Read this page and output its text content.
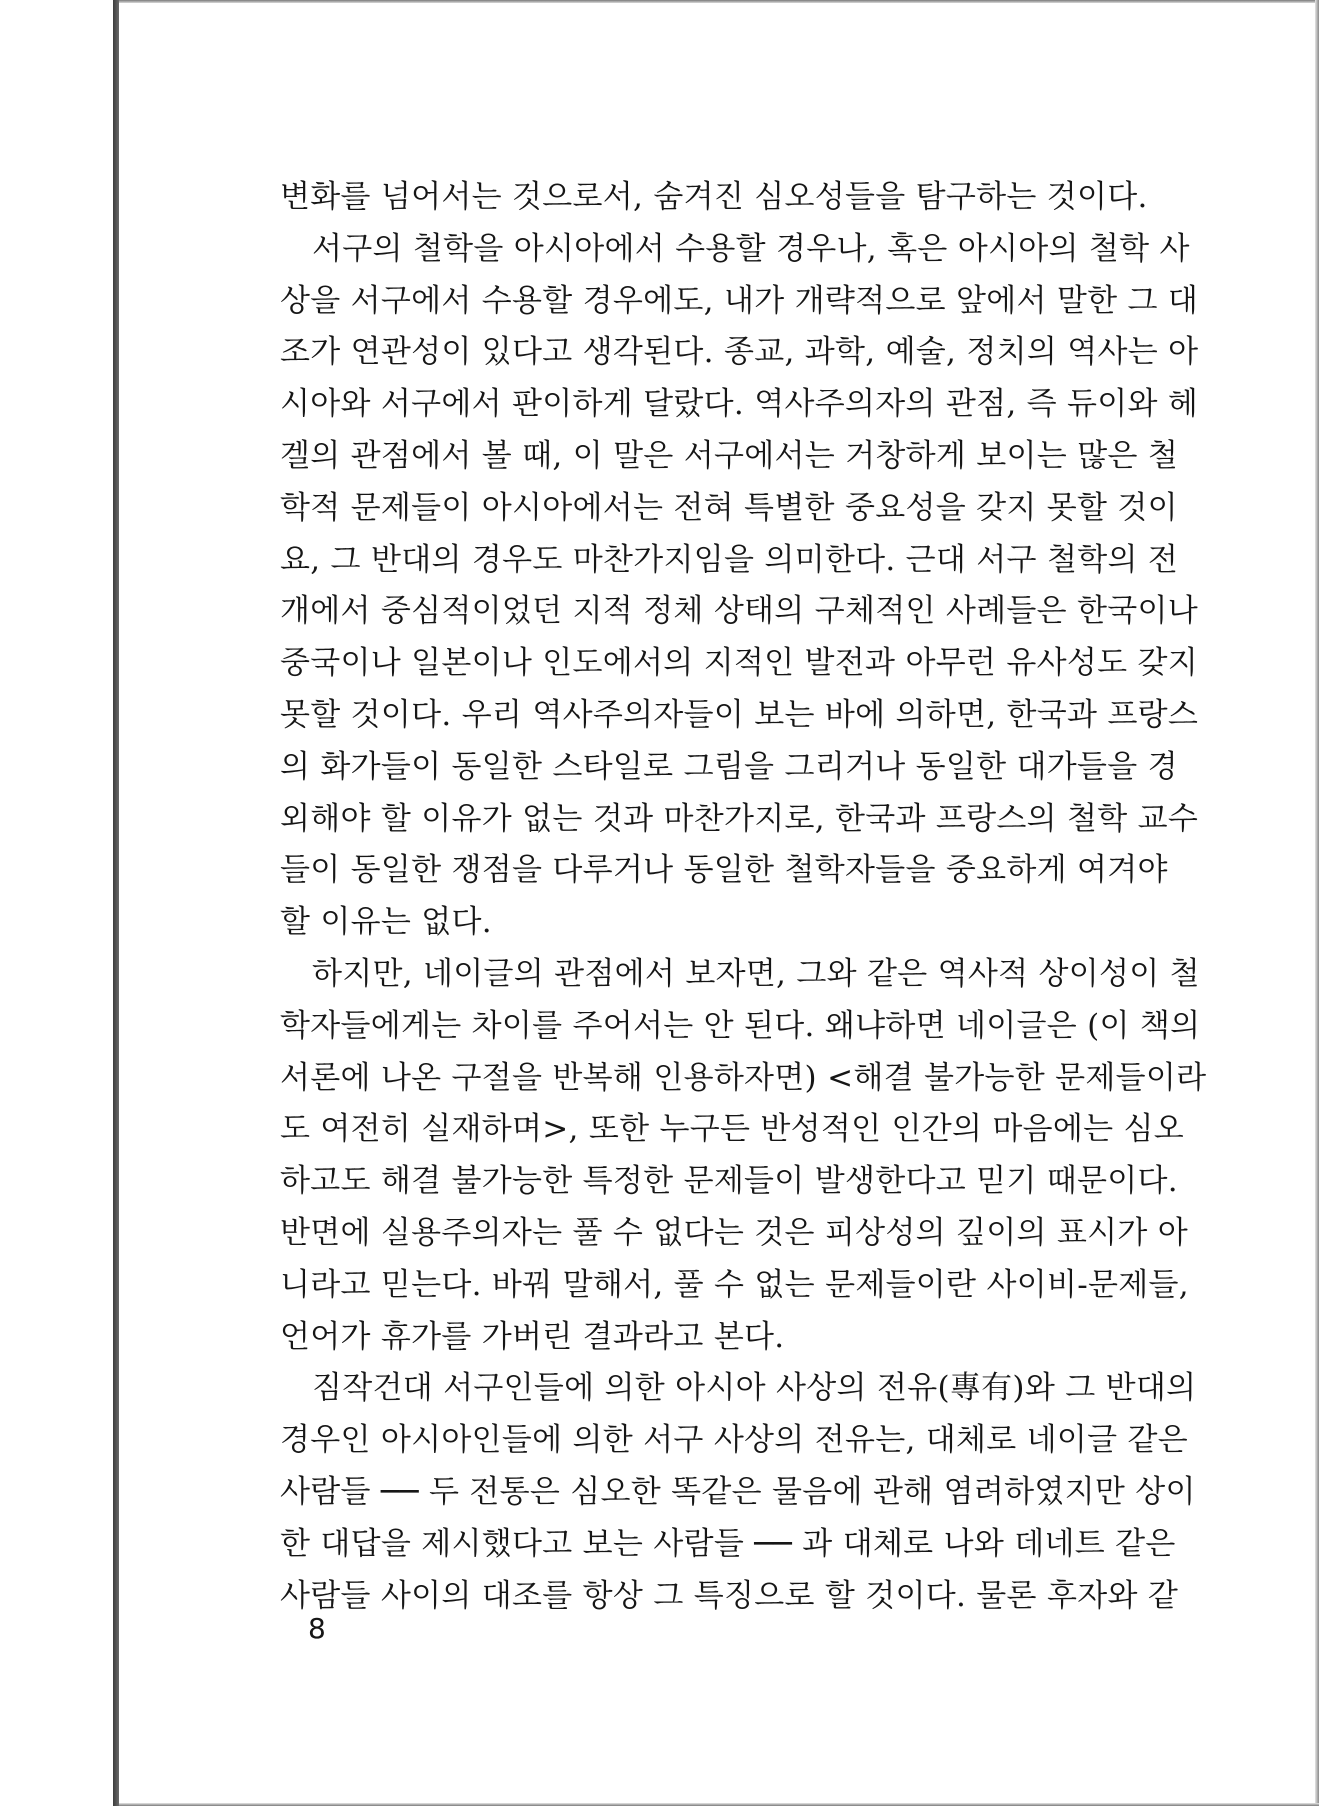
변화를 넘어서는 것으로서, 숨겨진 심오성들을 탐구하는 것이다.
서구의 철학을 아시아에서 수용할 경우나, 혹은 아시아의 철학 사
상을 서구에서 수용할 경우에도, 내가 개략적으로 앞에서 말한 그 대
조가 연관성이 있다고 생각된다. 종교, 과학, 예술, 정치의 역사는 아
시아와 서구에서 판이하게 달랐다. 역사주의자의 관점, 즉 듀이와 헤
겔의 관점에서 볼 때, 이 말은 서구에서는 거창하게 보이는 많은 철
학적 문제들이 아시아에서는 전혀 특별한 중요성을 갖지 못할 것이
요, 그 반대의 경우도 마찬가지임을 의미한다. 근대 서구 철학의 전
개에서 중심적이었던 지적 정체 상태의 구체적인 사례들은 한국이나
중국이나 일본이나 인도에서의 지적인 발전과 아무런 유사성도 갖지
못할 것이다. 우리 역사주의자들이 보는 바에 의하면, 한국과 프랑스
의 화가들이 동일한 스타일로 그림을 그리거나 동일한 대가들을 경
외해야 할 이유가 없는 것과 마찬가지로, 한국과 프랑스의 철학 교수
들이 동일한 쟁점을 다루거나 동일한 철학자들을 중요하게 여겨야
할 이유는 없다.
하지만, 네이글의 관점에서 보자면, 그와 같은 역사적 상이성이 철
학자들에게는 차이를 주어서는 안 된다. 왜냐하면 네이글은 (이 책의
서론에 나온 구절을 반복해 인용하자면) <해결 불가능한 문제들이라
도 여전히 실재하며>, 또한 누구든 반성적인 인간의 마음에는 심오
하고도 해결 불가능한 특정한 문제들이 발생한다고 믿기 때문이다.
반면에 실용주의자는 풀 수 없다는 것은 피상성의 깊이의 표시가 아
니라고 믿는다. 바꿔 말해서, 풀 수 없는 문제들이란 사이비-문제들,
언어가 휴가를 가버린 결과라고 본다.
짐작건대 서구인들에 의한 아시아 사상의 전유(專有)와 그 반대의
경우인 아시아인들에 의한 서구 사상의 전유는, 대체로 네이글 같은
사람들 ── 두 전통은 심오한 똑같은 물음에 관해 염려하였지만 상이
한 대답을 제시했다고 보는 사람들 ── 과 대체로 나와 데네트 같은
사람들 사이의 대조를 항상 그 특징으로 할 것이다. 물론 후자와 같
8
